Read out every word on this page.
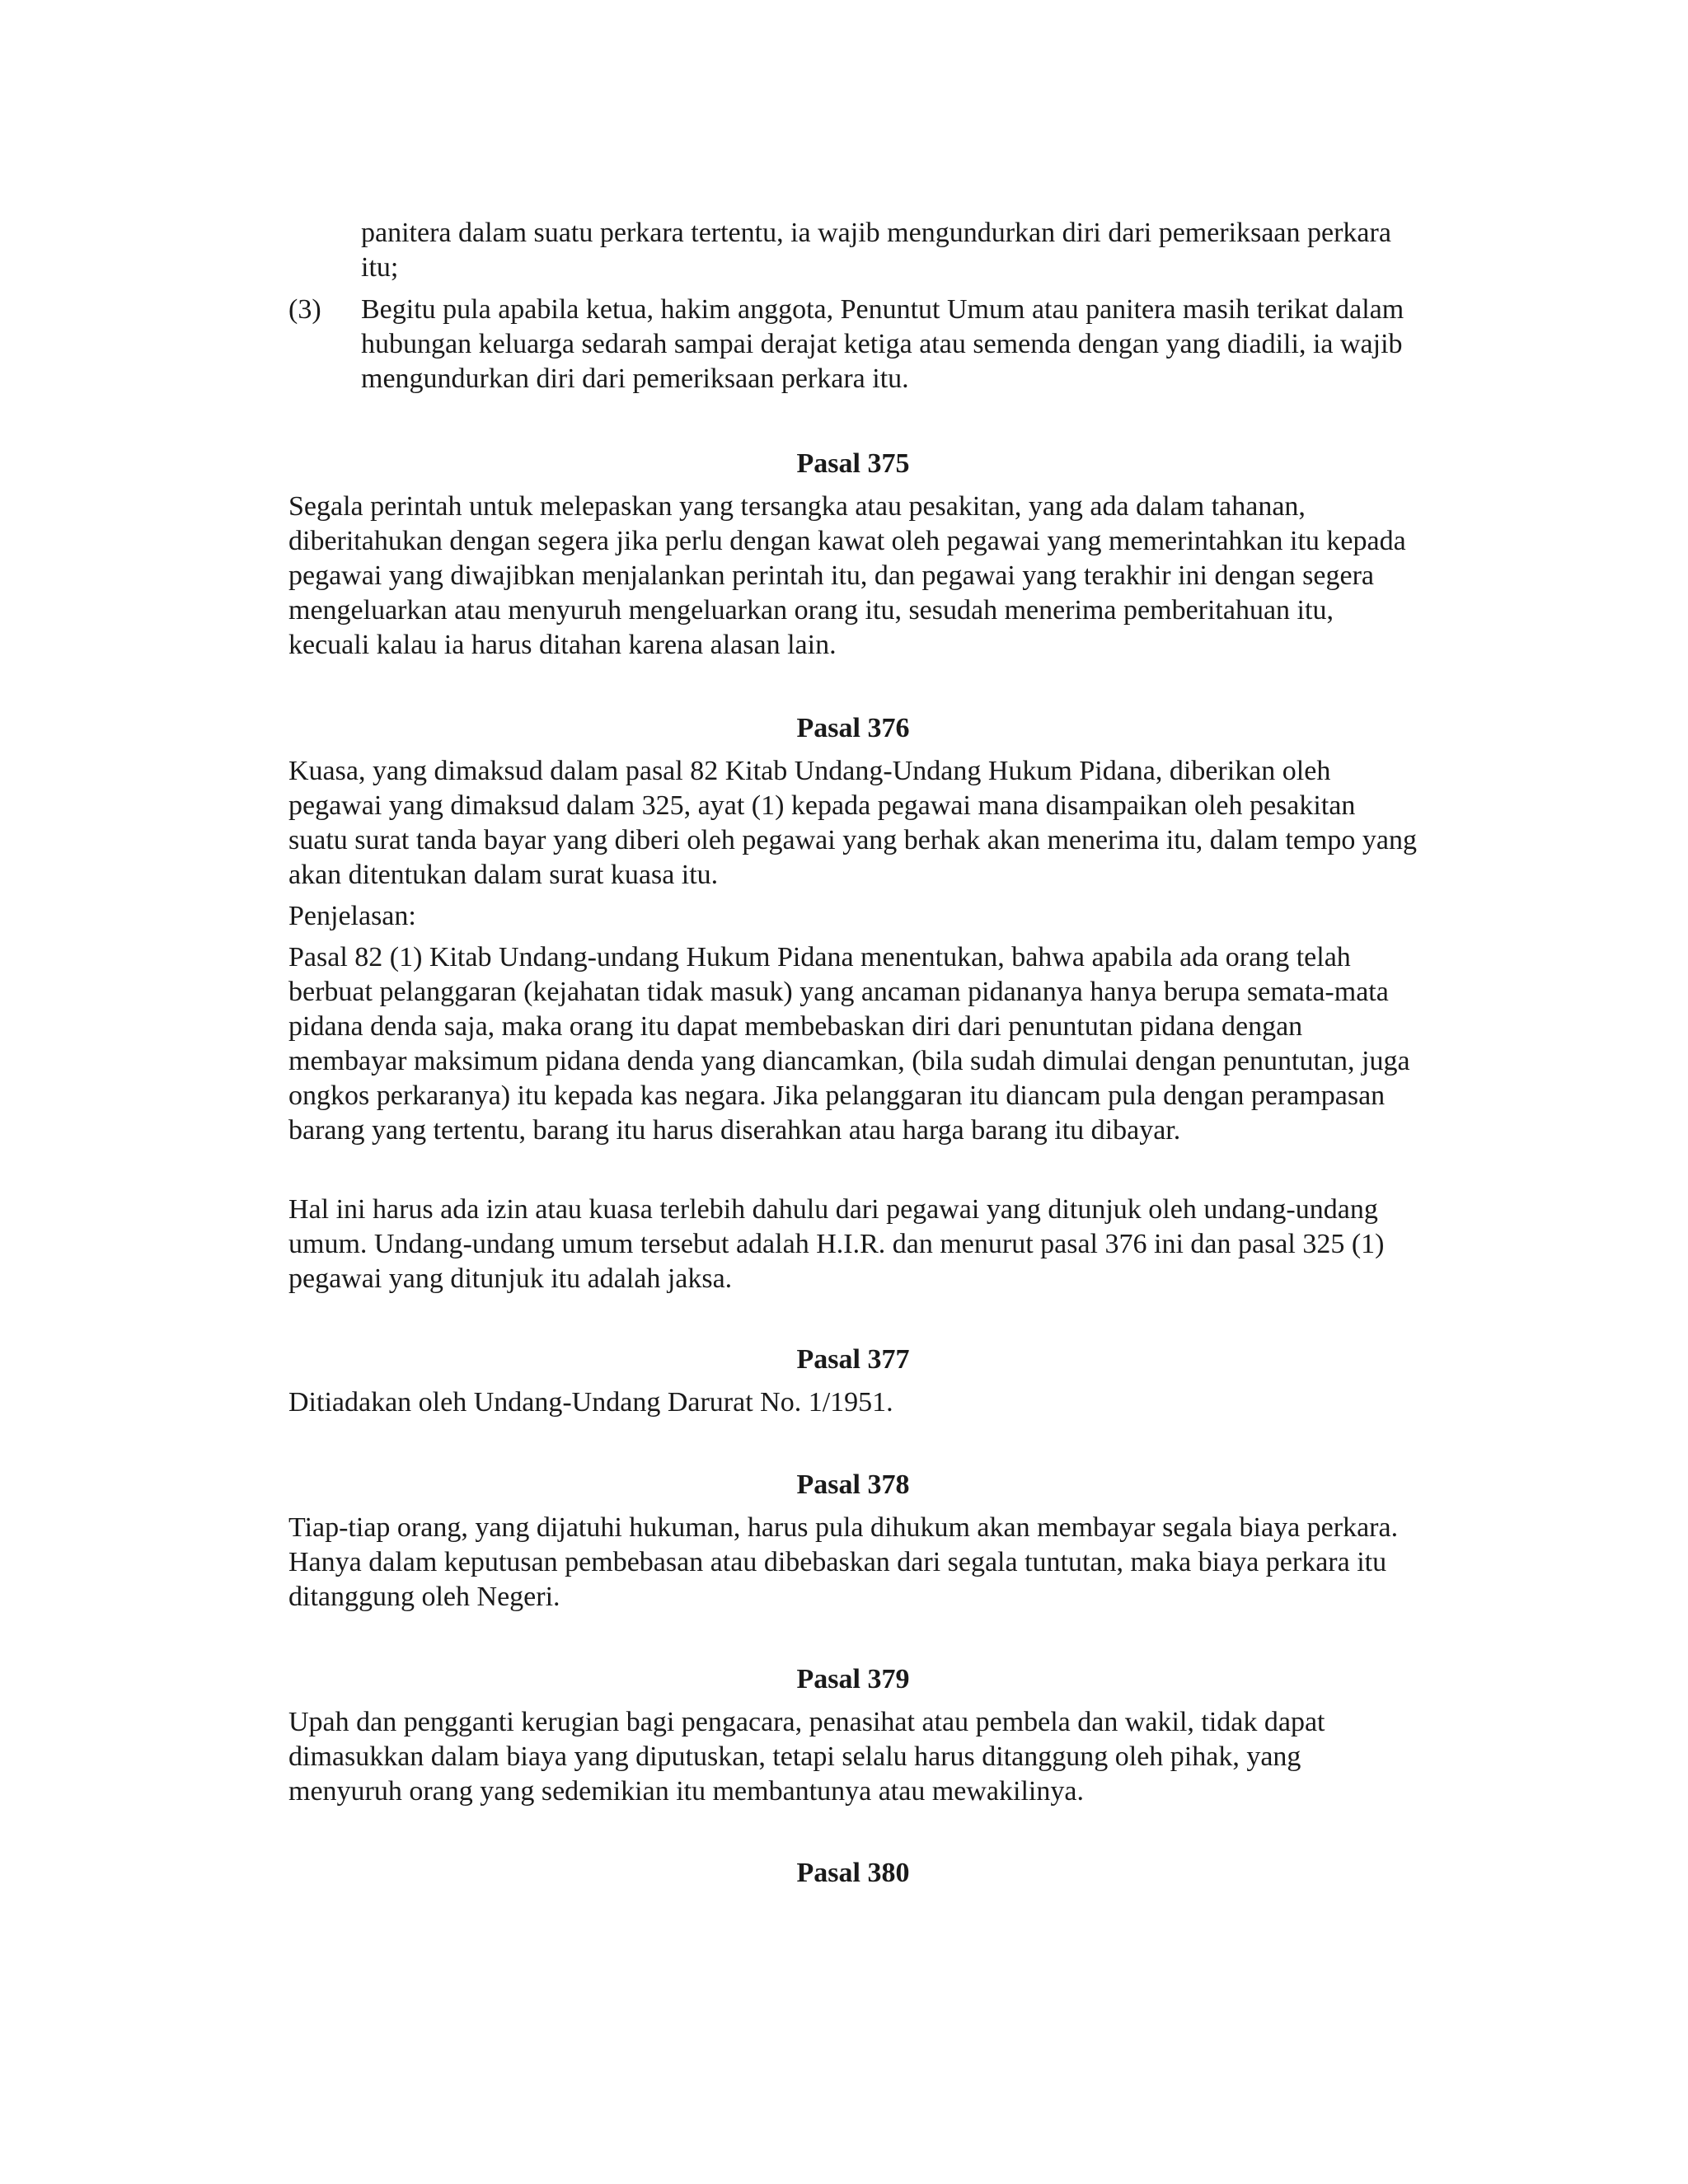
panitera dalam suatu perkara tertentu, ia wajib mengundurkan diri dari pemeriksaan perkara itu;

(3) Begitu pula apabila ketua, hakim anggota, Penuntut Umum atau panitera masih terikat dalam hubungan keluarga sedarah sampai derajat ketiga atau semenda dengan yang diadili, ia wajib mengundurkan diri dari pemeriksaan perkara itu.

Pasal 375

Segala perintah untuk melepaskan yang tersangka atau pesakitan, yang ada dalam tahanan, diberitahukan dengan segera jika perlu dengan kawat oleh pegawai yang memerintahkan itu kepada pegawai yang diwajibkan menjalankan perintah itu, dan pegawai yang terakhir ini dengan segera mengeluarkan atau menyuruh mengeluarkan orang itu, sesudah menerima pemberitahuan itu, kecuali kalau ia harus ditahan karena alasan lain.

Pasal 376

Kuasa, yang dimaksud dalam pasal 82 Kitab Undang-Undang Hukum Pidana, diberikan oleh pegawai yang dimaksud dalam 325, ayat (1) kepada pegawai mana disampaikan oleh pesakitan suatu surat tanda bayar yang diberi oleh pegawai yang berhak akan menerima itu, dalam tempo yang akan ditentukan dalam surat kuasa itu.

Penjelasan:

Pasal 82 (1) Kitab Undang-undang Hukum Pidana menentukan, bahwa apabila ada orang telah berbuat pelanggaran (kejahatan tidak masuk) yang ancaman pidananya hanya berupa semata-mata pidana denda saja, maka orang itu dapat membebaskan diri dari penuntutan pidana dengan membayar maksimum pidana denda yang diancamkan, (bila sudah dimulai dengan penuntutan, juga ongkos perkaranya) itu kepada kas negara. Jika pelanggaran itu diancam pula dengan perampasan barang yang tertentu, barang itu harus diserahkan atau harga barang itu dibayar.

Hal ini harus ada izin atau kuasa terlebih dahulu dari pegawai yang ditunjuk oleh undang-undang umum. Undang-undang umum tersebut adalah H.I.R. dan menurut pasal 376 ini dan pasal 325 (1) pegawai yang ditunjuk itu adalah jaksa.

Pasal 377

Ditiadakan oleh Undang-Undang Darurat No. 1/1951.

Pasal 378

Tiap-tiap orang, yang dijatuhi hukuman, harus pula dihukum akan membayar segala biaya perkara. Hanya dalam keputusan pembebasan atau dibebaskan dari segala tuntutan, maka biaya perkara itu ditanggung oleh Negeri.

Pasal 379

Upah dan pengganti kerugian bagi pengacara, penasihat atau pembela dan wakil, tidak dapat dimasukkan dalam biaya yang diputuskan, tetapi selalu harus ditanggung oleh pihak, yang menyuruh orang yang sedemikian itu membantunya atau mewakilinya.

Pasal 380
